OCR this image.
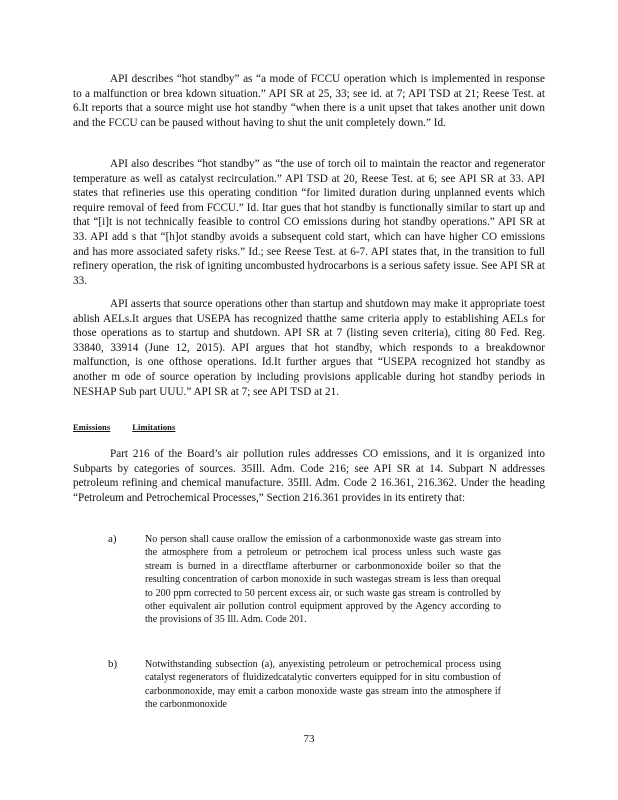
API describes “hot standby” as “a mode of FCCU operation which is implemented in response to a malfunction or brea kdown situation.” API SR at 25, 33; see id. at 7; API TSD at 21; Reese Test. at 6.It reports that a source might use hot standby “when there is a unit upset that takes another unit down and the FCCU can be paused without having to shut the unit completely down.” Id.

API also describes “hot standby” as “the use of torch oil to maintain the reactor and regenerator temperature as well as catalyst recirculation.” API TSD at 20, Reese Test. at 6; see API SR at 33. API states that refineries use this operating condition “for limited duration during unplanned events which require removal of feed from FCCU.” Id. Itar gues that hot standby is functionally similar to start up and that “[i]t is not technically feasible to control CO emissions during hot standby operations.” API SR at 33. API add s that “[h]ot standby avoids a subsequent cold start, which can have higher CO emissions and has more associated safety risks.” Id.; see Reese Test. at 6-7. API states that, in the transition to full refinery operation, the risk of igniting uncombusted hydrocarbons is a serious safety issue. See API SR at 33.

API asserts that source operations other than startup and shutdown may make it appropriate toest ablish AELs.It argues that USEPA has recognized thatthe same criteria apply to establishing AELs for those operations as to startup and shutdown. API SR at 7 (listing seven criteria), citing 80 Fed. Reg. 33840, 33914 (June 12, 2015). API argues that hot standby, which responds to a breakdownor malfunction, is one ofthose operations. Id.It further argues that “USEPA recognized hot standby as another m ode of source operation by including provisions applicable during hot standby periods in NESHAP Sub part UUU.” API SR at 7; see API TSD at 21.

Emissions	Limitations

Part 216 of the Board’s air pollution rules addresses CO emissions, and it is organized into Subparts by categories of sources. 35Ill. Adm. Code 216; see API SR at 14. Subpart N addresses petroleum refining and chemical manufacture. 35Ill. Adm. Code 2 16.361, 216.362. Under the heading “Petroleum and Petrochemical Processes,” Section 216.361 provides in its entirety that:

a)	No person shall cause orallow the emission of a carbonmonoxide waste gas stream into the atmosphere from a petroleum or petrochem ical process unless such waste gas stream is burned in a directflame afterburner or carbonmonoxide boiler so that the resulting concentration of carbon monoxide in such wastegas stream is less than orequal to 200 ppm corrected to 50 percent excess air, or such waste gas stream is controlled by other equivalent air pollution control equipment approved by the Agency according to the provisions of 35 Ill. Adm. Code 201.

b)	Notwithstanding subsection (a), anyexisting petroleum or petrochemical process using catalyst regenerators of fluidizedcatalytic converters equipped for in situ combustion of carbonmonoxide, may emit a carbon monoxide waste gas stream into the atmosphere if the carbonmonoxide

73
